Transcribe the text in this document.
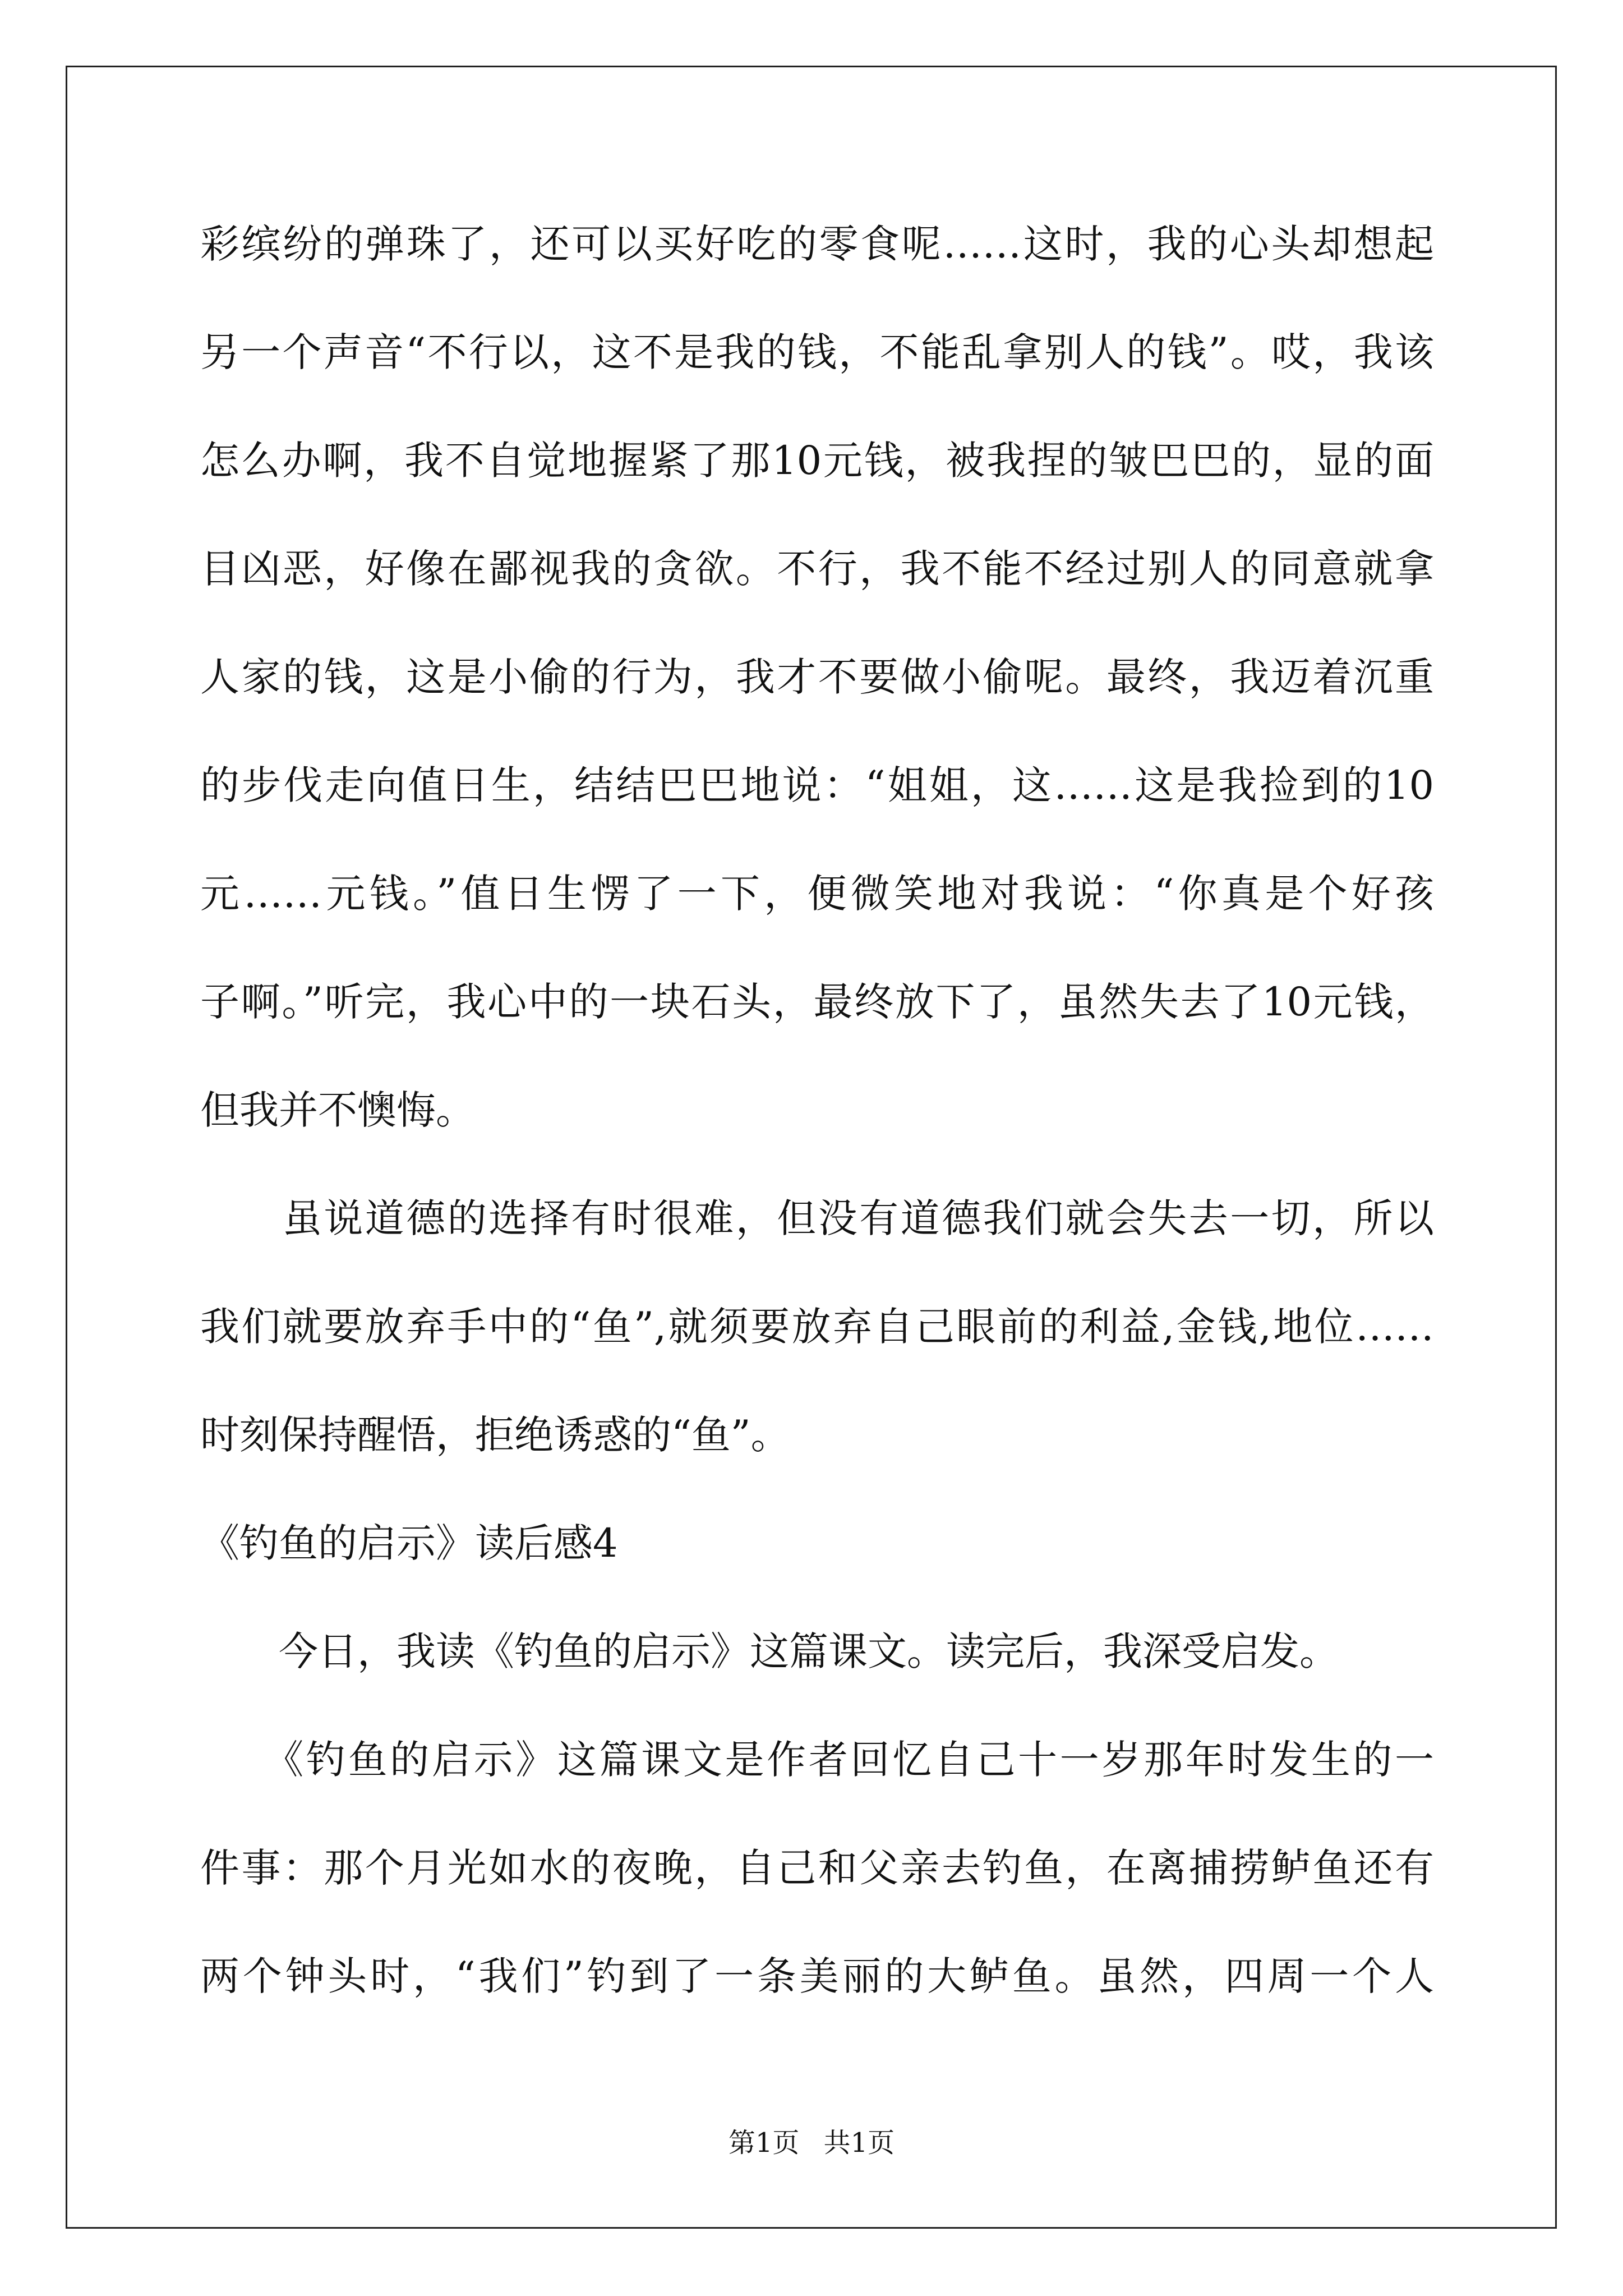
彩缤纷的弹珠了，还可以买好吃的零食呢……这时，我的心头却想起
另一个声音“不行以，这不是我的钱，不能乱拿别人的钱”。哎，我该
怎么办啊，我不自觉地握紧了那10元钱，被我捏的皱巴巴的，显的面
目凶恶，好像在鄙视我的贪欲。不行，我不能不经过别人的同意就拿
人家的钱，这是小偷的行为，我才不要做小偷呢。最终，我迈着沉重
的步伐走向值日生，结结巴巴地说：“姐姐，这……这是我捡到的10
元……元钱。”值日生愣了一下，便微笑地对我说：“你真是个好孩
子啊。”听完，我心中的一块石头，最终放下了，虽然失去了10元钱，
但我并不懊悔。
　　虽说道德的选择有时很难，但没有道德我们就会失去一切，所以
我们就要放弃手中的“鱼”,就须要放弃自己眼前的利益,金钱,地位……
时刻保持醒悟，拒绝诱惑的“鱼”。
《钓鱼的启示》读后感4
　　今日，我读《钓鱼的启示》这篇课文。读完后，我深受启发。
　　《钓鱼的启示》这篇课文是作者回忆自己十一岁那年时发生的一
件事：那个月光如水的夜晚，自己和父亲去钓鱼，在离捕捞鲈鱼还有
两个钟头时，“我们”钓到了一条美丽的大鲈鱼。虽然，四周一个人
第1页 共1页
